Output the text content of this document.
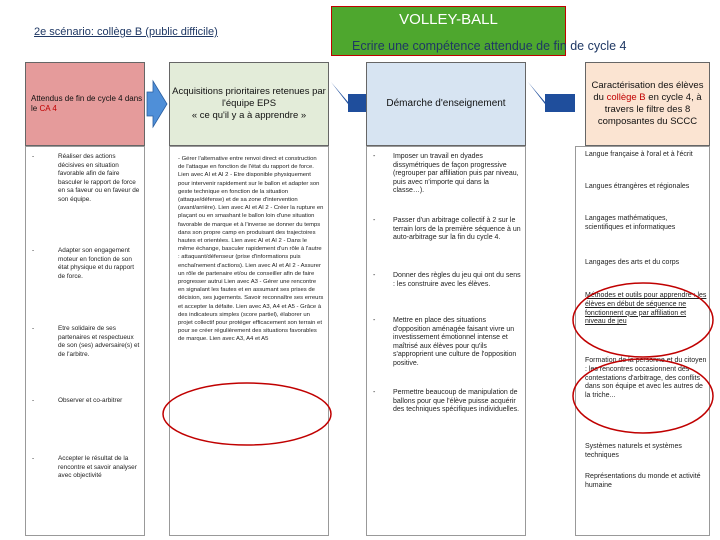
2e scénario: collège B (public difficile)
VOLLEY-BALL
Ecrire une compétence attendue de fin de cycle 4
Attendus de fin de cycle 4 dans le CA 4
Acquisitions prioritaires retenues par l'équipe EPS
« ce qu'il y a à apprendre »
Démarche d'enseignement
Caractérisation des élèves du collège B en cycle 4, à travers le filtre des 8 composantes du SCCC
-	Réaliser des actions décisives en situation favorable afin de faire basculer le rapport de force en sa faveur ou en faveur de son équipe.
-	Adapter son engagement moteur en fonction de son état physique et du rapport de force.
-	Etre solidaire de ses partenaires et respectueux de son (ses) adversaire(s) et de l'arbitre.
-	Observer et co-arbitrer
-	Accepter le résultat de la rencontre et savoir analyser avec objectivité
- Gérer l'alternative entre renvoi direct et construction de l'attaque en fonction de l'état du rapport de force. Lien avec AI et AI 2 - Etre disponible physiquement pour intervenir rapidement sur le ballon et adapter son geste technique en fonction de la situation (attaque/défense) et de sa zone d'intervention (avant/arrière). Lien avec AI et AI 2 - Créer la rupture en plaçant ou en smashant le ballon loin d'une situation favorable de marque et à l'inverse se donner du temps dans son propre camp en produisant des trajectoires hautes et orientées. Lien avec AI et AI 2 - Dans le même échange, basculer rapidement d'un rôle à l'autre : attaquant/défenseur (prise d'informations puis enchaînement d'actions). Lien avec AI et AI 2 - Assurer un rôle de partenaire et/ou de conseiller afin de faire progresser autrui Lien avec A3 - Gérer une rencontre en signalant les fautes et en assumant ses prises de décision, ses jugements. Savoir reconnaître ses erreurs et accepter la défaite. Lien avec A3, A4 et A5 - Grâce à des indicateurs simples (score partiel), élaborer un projet collectif pour protéger efficacement son terrain et pour se créer régulièrement des situations favorables de marque. Lien avec A3, A4 et A5
-	Imposer un travail en dyades dissymétriques de façon progressive (regrouper par affiliation puis par niveau, puis avec n'importe qui dans la classe…).
-	Passer d'un arbitrage collectif à 2 sur le terrain lors de la première séquence à un auto-arbitrage sur la fin du cycle 4.
-	Donner des règles du jeu qui ont du sens : les construire avec les élèves.
-	Mettre en place des situations d'opposition aménagée faisant vivre un investissement émotionnel intense et maîtrisé aux élèves pour qu'ils s'approprient une culture de l'opposition positive.
-	Permettre beaucoup de manipulation de ballons pour que l'élève puisse acquérir des techniques spécifiques individuelles.
Langue française à l'oral et à l'écrit
Langues étrangères et régionales
Langages mathématiques, scientifiques et informatiques
Langages des arts et du corps
Méthodes et outils pour apprendre : les élèves en début de séquence ne fonctionnent que par affiliation et niveau de jeu
Formation de la personne et du citoyen : les rencontres occasionnent des contestations d'arbitrage, des conflits dans son équipe et avec les autres de la triche...
Systèmes naturels et systèmes techniques
Représentations du monde et activité humaine
